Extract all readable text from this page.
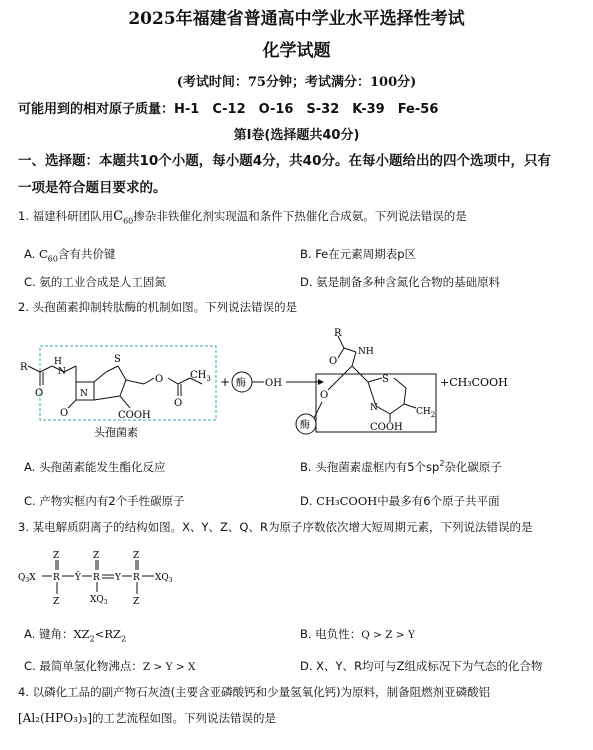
2025年福建省普通高中学业水平选择性考试
化学试题
(考试时间：75分钟；考试满分：100分)
可能用到的相对原子质量：H-1　C-12　O-16　S-32　K-39　Fe-56
第Ⅰ卷(选择题共40分)
一、选择题：本题共10个小题，每小题4分，共40分。在每小题给出的四个选项中，只有
一项是符合题目要求的。
1. 福建科研团队用$C_{60}$掺杂非铁催化剂实现温和条件下热催化合成氨。下列说法错误的是
A. $C_{60}$含有共价键	B. Fe在元素周期表p区
C. 氨的工业合成是人工固氮	D. 氨是制备多种含氮化合物的基础原料
2. 头孢菌素抑制转肽酶的机制如图。下列说法错误的是
R
O
H
N
S
N
O	COOH
O
O
$CH_3$
头孢菌素
+ 酶 OH
R
O
NH
S
N
O
$CH_2$
COOH
酶
+CH₃COOH
A. 头孢菌素能发生酯化反应	B. 头孢菌素虚框内有5个$sp^2$杂化碳原子
C. 产物实框内有2个手性碳原子	D. CH₃COOH中最多有6个原子共平面
3. 某电解质阴离子的结构如图。X、Y、Z、Q、R为原子序数依次增大短周期元素，下列说法错误的是
$Q_3X$ R
Z
Z
Ȳ R
Z
$XQ_3$
Y R
Z
Z
$XQ_3$
A. 键角：$XZ_2<RZ_2$	B. 电负性：Q > Z > Y
C. 最简单氢化物沸点：Z > Y > X	D. X、Y、R均可与Z组成标况下为气态的化合物
4. 以磷化工品的副产物石灰渣(主要含亚磷酸钙和少量氢氧化钙)为原料，制备阻燃剂亚磷酸铝
[Al₂(HPO₃)₃]的工艺流程如图。下列说法错误的是
